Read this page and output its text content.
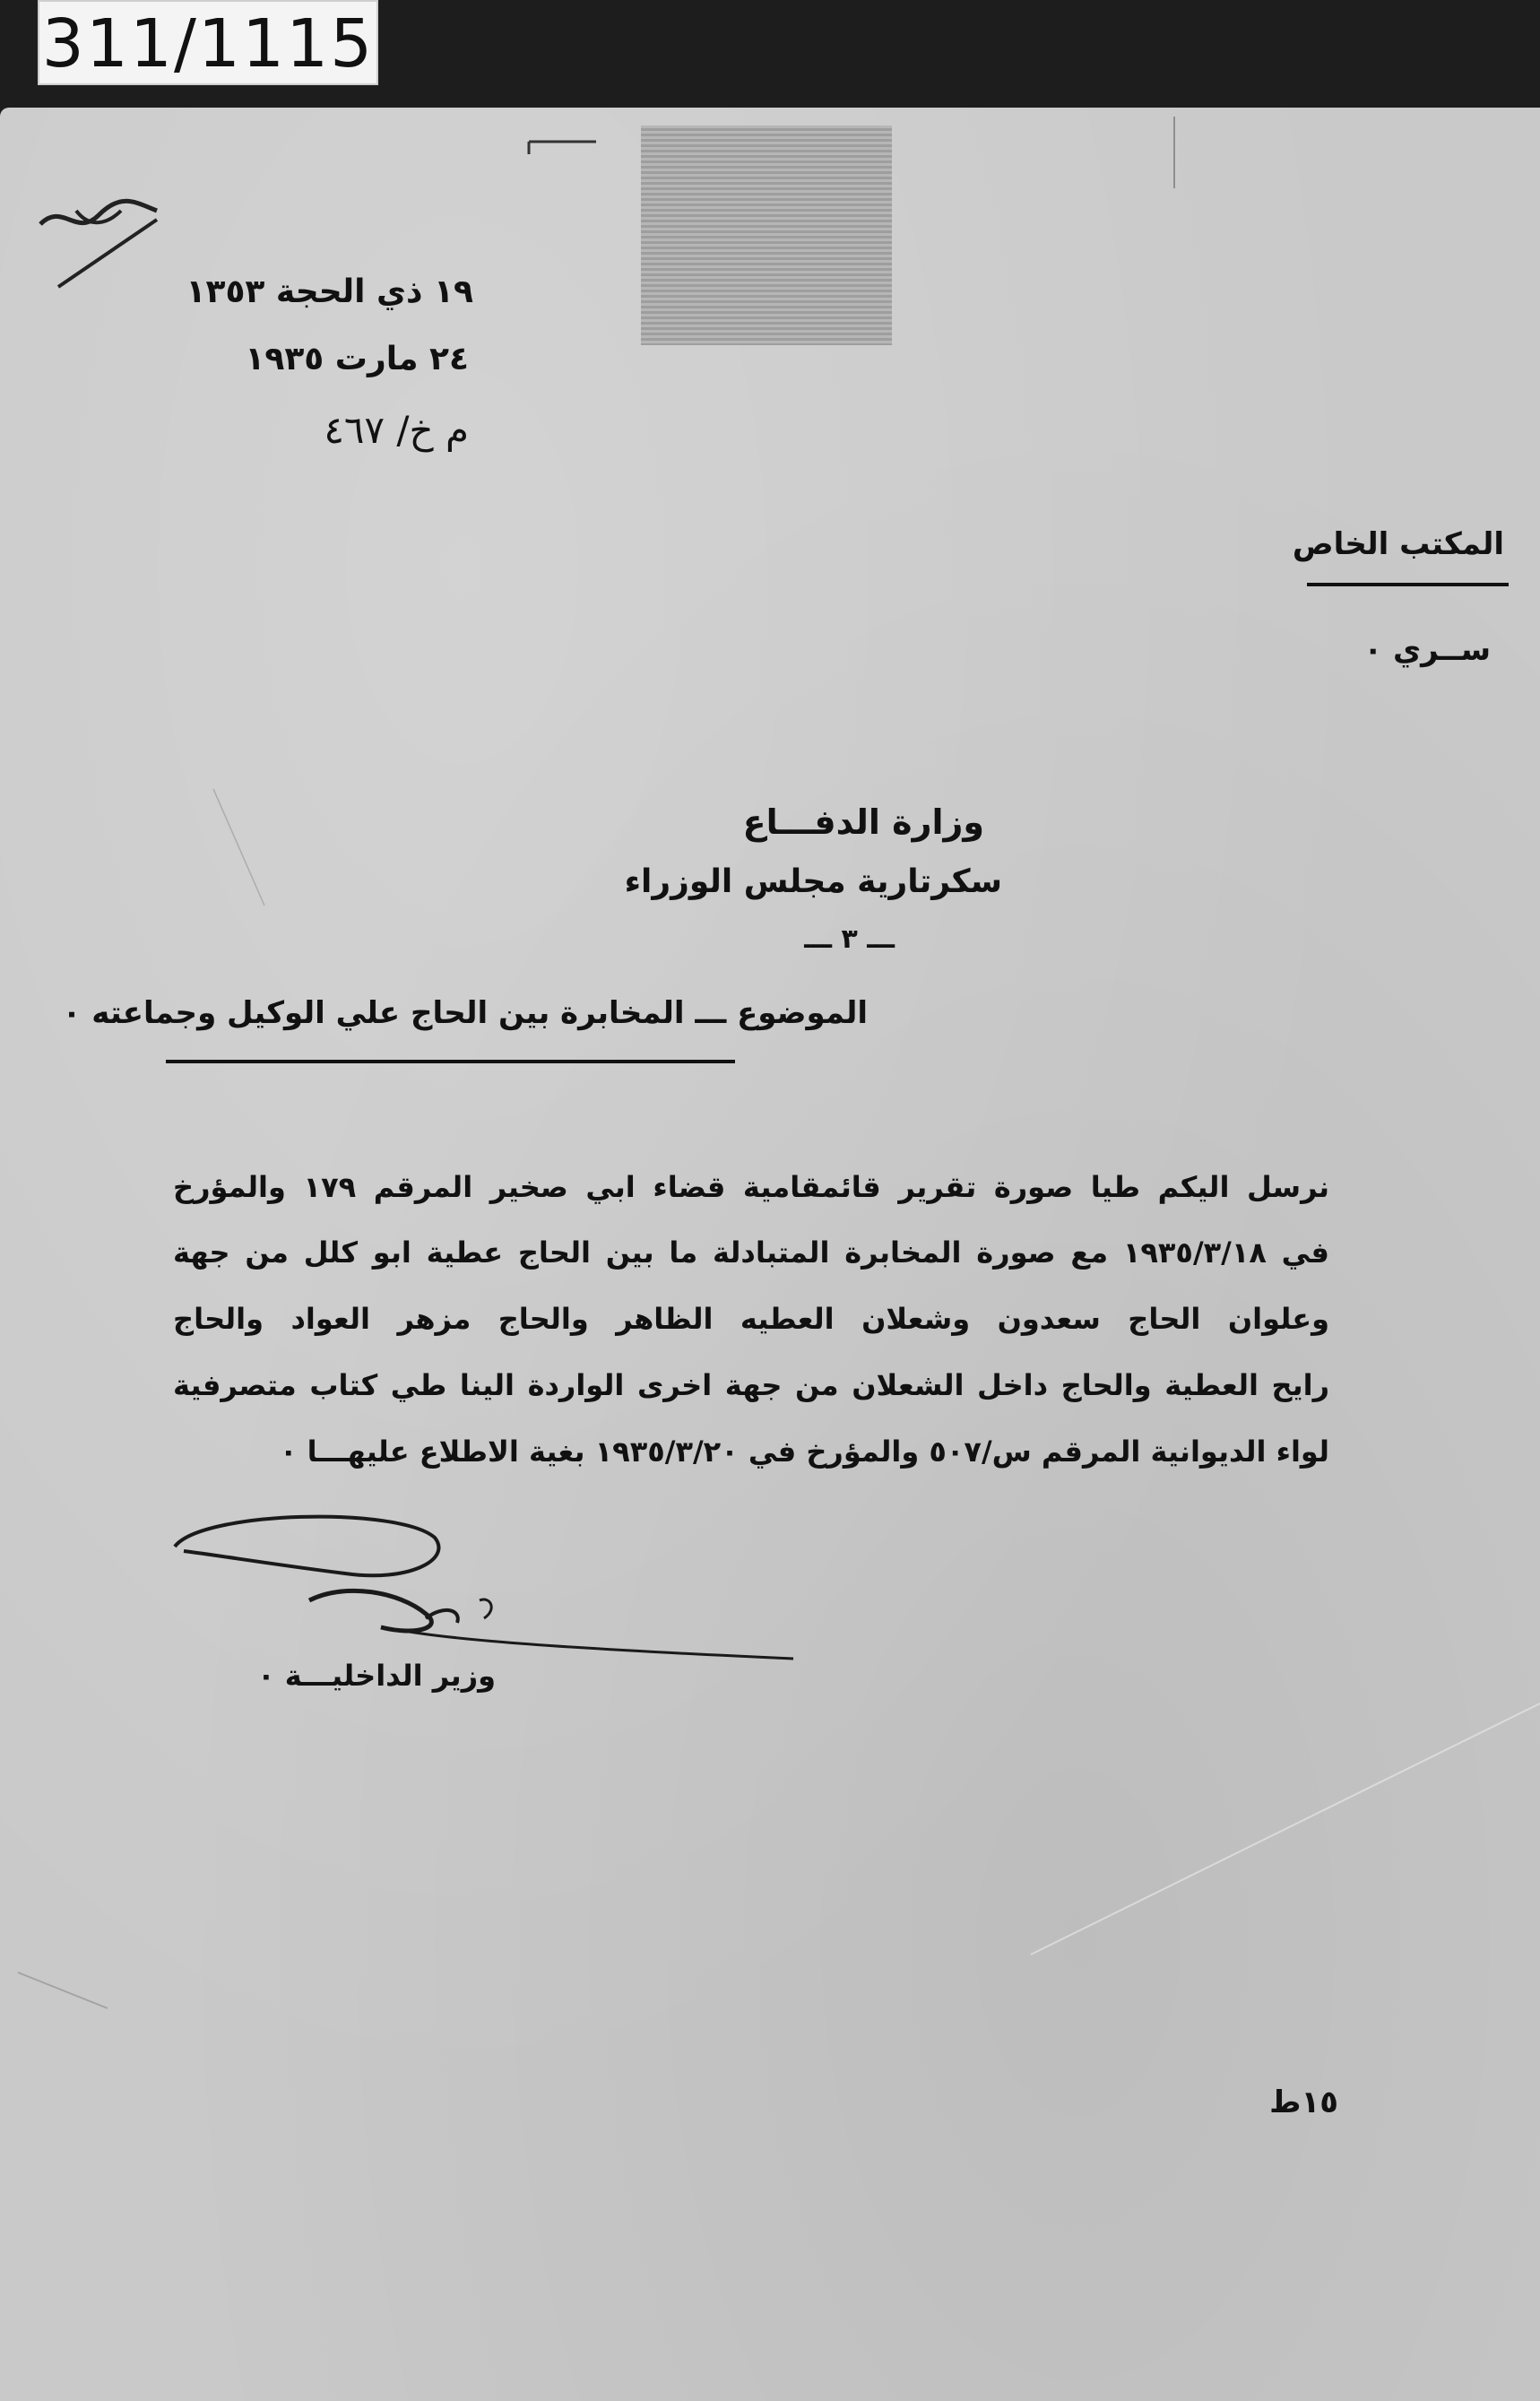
311/1115
١٩ ذي الحجة ١٣٥٣
٢٤ مارت ١٩٣٥
م خ/ ٤٦٧
المكتب الخاص
ســري ٠
وزارة الدفـــاع
سكرتارية مجلس الوزراء
ـــ ٣ ـــ
الموضوع ـــ المخابرة بين الحاج علي الوكيل وجماعته ٠
نرسل اليكم طيا صورة تقرير قائمقامية قضاء ابي صخير المرقم ١٧٩ والمؤرخ
في ١٩٣٥/٣/١٨ مع صورة المخابرة المتبادلة ما بين الحاج عطية ابو كلل من جهة
وعلوان الحاج سعدون وشعلان العطيه الظاهر والحاج مزهر العواد والحاج
رايح العطية والحاج داخل الشعلان من جهة اخرى الواردة الينا طي كتاب متصرفية
لواء الديوانية المرقم س/٥٠٧ والمؤرخ في ١٩٣٥/٣/٢٠ بغية الاطلاع عليهـــا ٠
وزير الداخليـــة ٠
١٥ط
